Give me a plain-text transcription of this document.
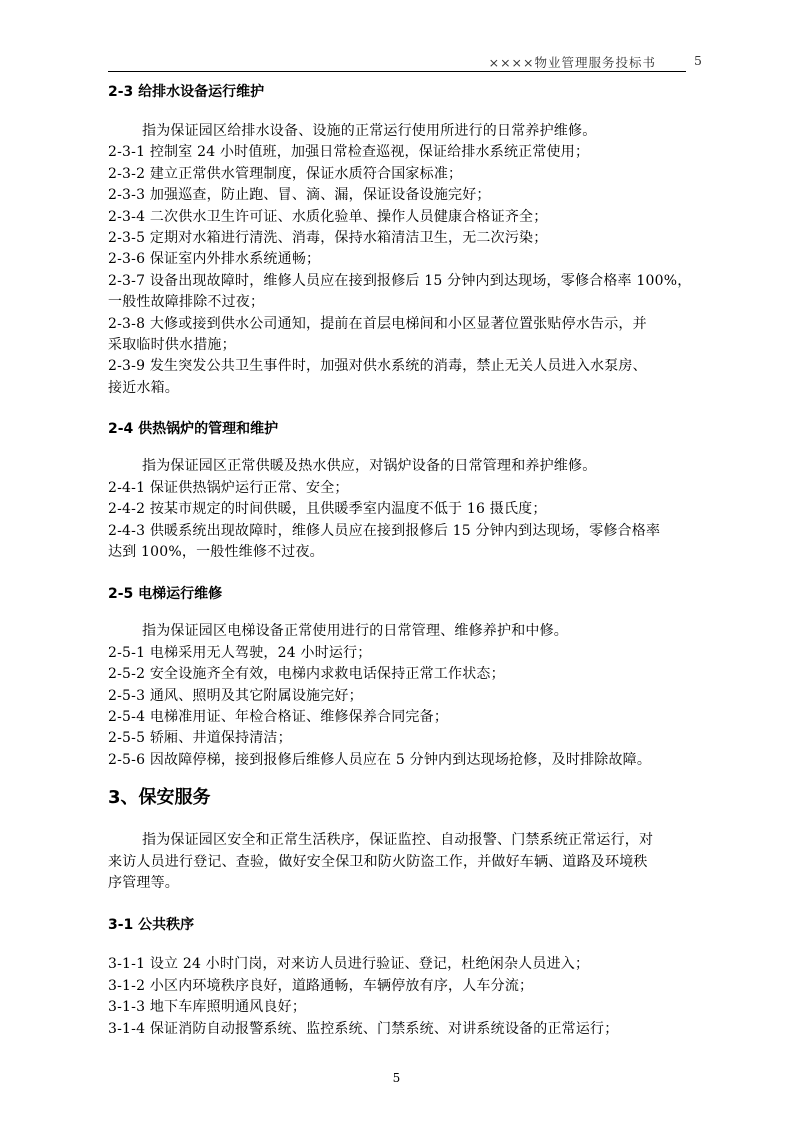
××××物业管理服务投标书	5
2-3 给排水设备运行维护
指为保证园区给排水设备、设施的正常运行使用所进行的日常养护维修。
2-3-1 控制室 24 小时值班，加强日常检查巡视，保证给排水系统正常使用；
2-3-2 建立正常供水管理制度，保证水质符合国家标准；
2-3-3 加强巡查，防止跑、冒、滴、漏，保证设备设施完好；
2-3-4 二次供水卫生许可证、水质化验单、操作人员健康合格证齐全；
2-3-5 定期对水箱进行清洗、消毒，保持水箱清洁卫生，无二次污染；
2-3-6 保证室内外排水系统通畅；
2-3-7 设备出现故障时，维修人员应在接到报修后 15 分钟内到达现场，零修合格率 100%，
一般性故障排除不过夜；
2-3-8 大修或接到供水公司通知，提前在首层电梯间和小区显著位置张贴停水告示，并
采取临时供水措施；
2-3-9 发生突发公共卫生事件时，加强对供水系统的消毒，禁止无关人员进入水泵房、
接近水箱。
2-4 供热锅炉的管理和维护
指为保证园区正常供暖及热水供应，对锅炉设备的日常管理和养护维修。
2-4-1 保证供热锅炉运行正常、安全；
2-4-2 按某市规定的时间供暖，且供暖季室内温度不低于 16 摄氏度；
2-4-3 供暖系统出现故障时，维修人员应在接到报修后 15 分钟内到达现场，零修合格率
达到 100%，一般性维修不过夜。
2-5 电梯运行维修
指为保证园区电梯设备正常使用进行的日常管理、维修养护和中修。
2-5-1 电梯采用无人驾驶，24 小时运行；
2-5-2 安全设施齐全有效，电梯内求救电话保持正常工作状态；
2-5-3 通风、照明及其它附属设施完好；
2-5-4 电梯准用证、年检合格证、维修保养合同完备；
2-5-5 轿厢、井道保持清洁；
2-5-6 因故障停梯，接到报修后维修人员应在 5 分钟内到达现场抢修，及时排除故障。
3、保安服务
指为保证园区安全和正常生活秩序，保证监控、自动报警、门禁系统正常运行，对
来访人员进行登记、查验，做好安全保卫和防火防盗工作，并做好车辆、道路及环境秩
序管理等。
3-1 公共秩序
3-1-1 设立 24 小时门岗，对来访人员进行验证、登记，杜绝闲杂人员进入；
3-1-2 小区内环境秩序良好，道路通畅，车辆停放有序，人车分流；
3-1-3 地下车库照明通风良好；
3-1-4 保证消防自动报警系统、监控系统、门禁系统、对讲系统设备的正常运行；
5
